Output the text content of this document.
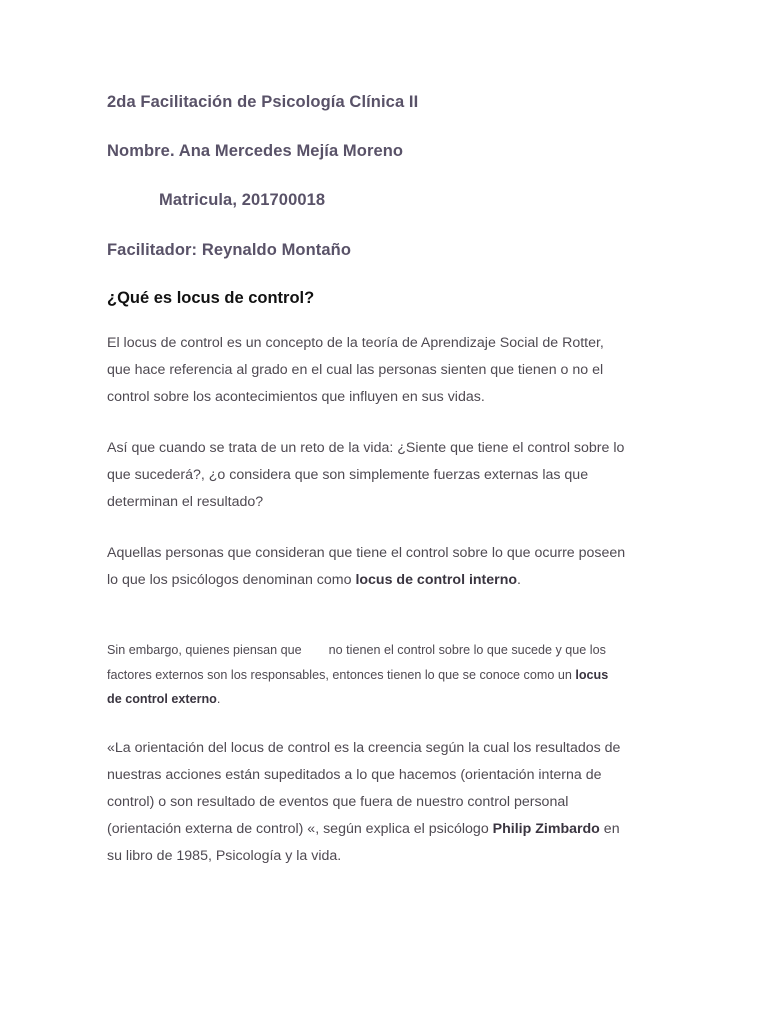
2da Facilitación de Psicología Clínica II
Nombre. Ana Mercedes Mejía Moreno
Matricula, 201700018
Facilitador: Reynaldo Montaño
¿Qué es locus de control?

El locus de control es un concepto de la teoría de Aprendizaje Social de Rotter,
que hace referencia al grado en el cual las personas sienten que tienen o no el
control sobre los acontecimientos que influyen en sus vidas.

Así que cuando se trata de un reto de la vida: ¿Siente que tiene el control sobre lo
que sucederá?, ¿o considera que son simplemente fuerzas externas las que
determinan el resultado?

Aquellas personas que consideran que tiene el control sobre lo que ocurre poseen
lo que los psicólogos denominan como locus de control interno.

Sin embargo, quienes piensan que no tienen el control sobre lo que sucede y que los
factores externos son los responsables, entonces tienen lo que se conoce como un locus
de control externo.

«La orientación del locus de control es la creencia según la cual los resultados de
nuestras acciones están supeditados a lo que hacemos (orientación interna de
control) o son resultado de eventos que fuera de nuestro control personal
(orientación externa de control) «, según explica el psicólogo Philip Zimbardo en
su libro de 1985, Psicología y la vida.
